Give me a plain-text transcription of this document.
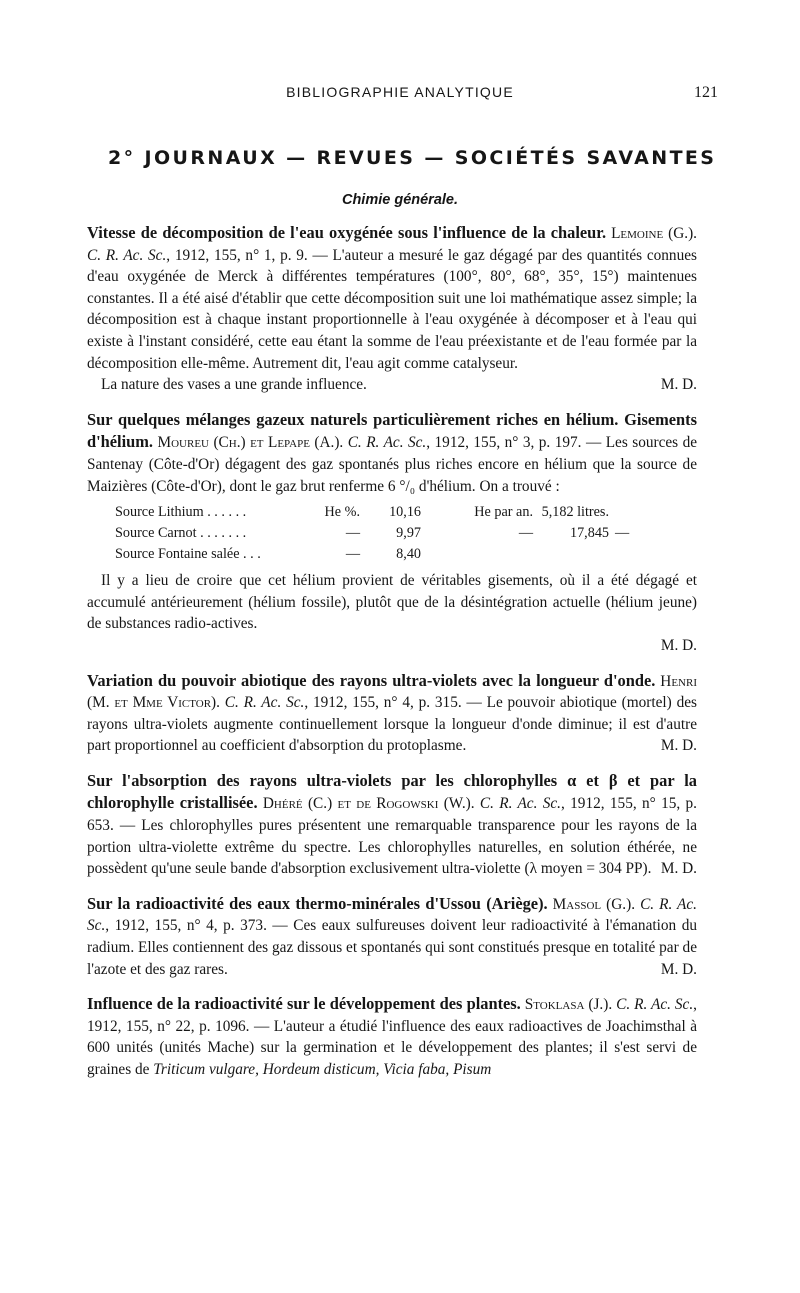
BIBLIOGRAPHIE ANALYTIQUE	121
2° JOURNAUX — REVUES — SOCIÉTÉS SAVANTES
Chimie générale.

Vitesse de décomposition de l'eau oxygénée sous l'influence de la chaleur. Lemoine (G.). C. R. Ac. Sc., 1912, 155, n° 1, p. 9. — L'auteur a mesuré le gaz dégagé par des quantités connues d'eau oxygénée de Merck à différentes températures (100°, 80°, 68°, 35°, 15°) maintenues constantes. Il a été aisé d'établir que cette décomposition suit une loi mathématique assez simple; la décomposition est à chaque instant proportionnelle à l'eau oxygénée à décomposer et à l'eau qui existe à l'instant considéré, cette eau étant la somme de l'eau préexistante et de l'eau formée par la décomposition elle-même. Autrement dit, l'eau agit comme catalyseur.

La nature des vases a une grande influence.	M. D.

Sur quelques mélanges gazeux naturels particulièrement riches en hélium. Gisements d'hélium. Moureu (Ch.) et Lepape (A.). C. R. Ac. Sc., 1912, 155, n° 3, p. 197. — Les sources de Santenay (Côte-d'Or) dégagent des gaz spontanés plus riches encore en hélium que la source de Maizières (Côte-d'Or), dont le gaz brut renferme 6 °/₀ d'hélium. On a trouvé :

Source Lithium . . . . . .	He %.	10,16	He par an.	5,182 litres.	
Source Carnot . . . . . . .	—	9,97	—	17,845	—
Source Fontaine salée . . .	—	8,40			

Il y a lieu de croire que cet hélium provient de véritables gisements, où il a été dégagé et accumulé antérieurement (hélium fossile), plutôt que de la désintégration actuelle (hélium jeune) de substances radio-actives.

M. D.

Variation du pouvoir abiotique des rayons ultra-violets avec la longueur d'onde. Henri (M. et Mme Victor). C. R. Ac. Sc., 1912, 155, n° 4, p. 315. — Le pouvoir abiotique (mortel) des rayons ultra-violets augmente continuellement lorsque la longueur d'onde diminue; il est d'autre part proportionnel au coefficient d'absorption du protoplasme.	M. D.

Sur l'absorption des rayons ultra-violets par les chlorophylles α et β et par la chlorophylle cristallisée. Dhéré (C.) et de Rogowski (W.). C. R. Ac. Sc., 1912, 155, n° 15, p. 653. — Les chlorophylles pures présentent une remarquable transparence pour les rayons de la portion ultra-violette extrême du spectre. Les chlorophylles naturelles, en solution éthérée, ne possèdent qu'une seule bande d'absorption exclusivement ultra-violette (λ moyen = 304 PP). M. D.

Sur la radioactivité des eaux thermo-minérales d'Ussou (Ariège). Massol (G.). C. R. Ac. Sc., 1912, 155, n° 4, p. 373. — Ces eaux sulfureuses doivent leur radioactivité à l'émanation du radium. Elles contiennent des gaz dissous et spontanés qui sont constitués presque en totalité par de l'azote et des gaz rares.	M. D.

Influence de la radioactivité sur le développement des plantes. Stoklasa (J.). C. R. Ac. Sc., 1912, 155, n° 22, p. 1096. — L'auteur a étudié l'influence des eaux radioactives de Joachimsthal à 600 unités (unités Mache) sur la germination et le développement des plantes; il s'est servi de graines de Triticum vulgare, Hordeum disticum, Vicia faba, Pisum
